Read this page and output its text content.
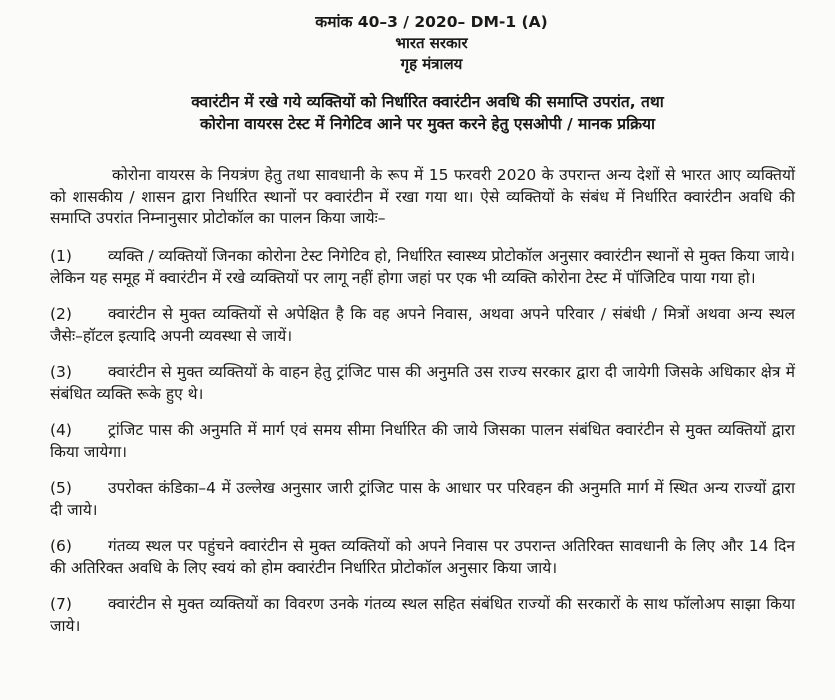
कमांक 40–3 / 2020– DM-1 (A)
भारत सरकार
गृह मंत्रालय
क्वारंटीन में रखे गये व्यक्तियों को निर्धारित क्वारंटीन अवधि की समाप्ति उपरांत, तथा
कोरोना वायरस टेस्ट में निगेटिव आने पर मुक्त करने हेतु एसओपी / मानक प्रक्रिया

कोरोना वायरस के नियत्रंण हेतु तथा सावधानी के रूप में 15 फरवरी 2020 के उपरान्त अन्य देशों से भारत आए व्यक्तियों को शासकीय / शासन द्वारा निर्धारित स्थानों पर क्वारंटीन में रखा गया था। ऐसे व्यक्तियों के संबंध में निर्धारित क्वारंटीन अवधि की समाप्ति उपरांत निम्नानुसार प्रोटोकॉल का पालन किया जायेः–

(1) व्यक्ति / व्यक्तियों जिनका कोरोना टेस्ट निगेटिव हो, निर्धारित स्वास्थ्य प्रोटोकॉल अनुसार क्वारंटीन स्थानों से मुक्त किया जाये। लेकिन यह समूह में क्वारंटीन में रखे व्यक्तियों पर लागू नहीं होगा जहां पर एक भी व्यक्ति कोरोना टेस्ट में पॉजिटिव पाया गया हो।
(2) क्वारंटीन से मुक्त व्यक्तियों से अपेक्षित है कि वह अपने निवास, अथवा अपने परिवार / संबंधी / मित्रों अथवा अन्य स्थल जैसेः–हॉटल इत्यादि अपनी व्यवस्था से जायें।
(3) क्वारंटीन से मुक्त व्यक्तियों के वाहन हेतु ट्रांजिट पास की अनुमति उस राज्य सरकार द्वारा दी जायेगी जिसके अधिकार क्षेत्र में संबंधित व्यक्ति रूके हुए थे।
(4) ट्रांजिट पास की अनुमति में मार्ग एवं समय सीमा निर्धारित की जाये जिसका पालन संबंधित क्वारंटीन से मुक्त व्यक्तियों द्वारा किया जायेगा।
(5) उपरोक्त कंडिका–4 में उल्लेख अनुसार जारी ट्रांजिट पास के आधार पर परिवहन की अनुमति मार्ग में स्थित अन्य राज्यों द्वारा दी जाये।
(6) गंतव्य स्थल पर पहुंचने क्वारंटीन से मुक्त व्यक्तियों को अपने निवास पर उपरान्त अतिरिक्त सावधानी के लिए और 14 दिन की अतिरिक्त अवधि के लिए स्वयं को होम क्वारंटीन निर्धारित प्रोटोकॉल अनुसार किया जाये।
(7) क्वारंटीन से मुक्त व्यक्तियों का विवरण उनके गंतव्य स्थल सहित संबंधित राज्यों की सरकारों के साथ फॉलोअप साझा किया जाये।
